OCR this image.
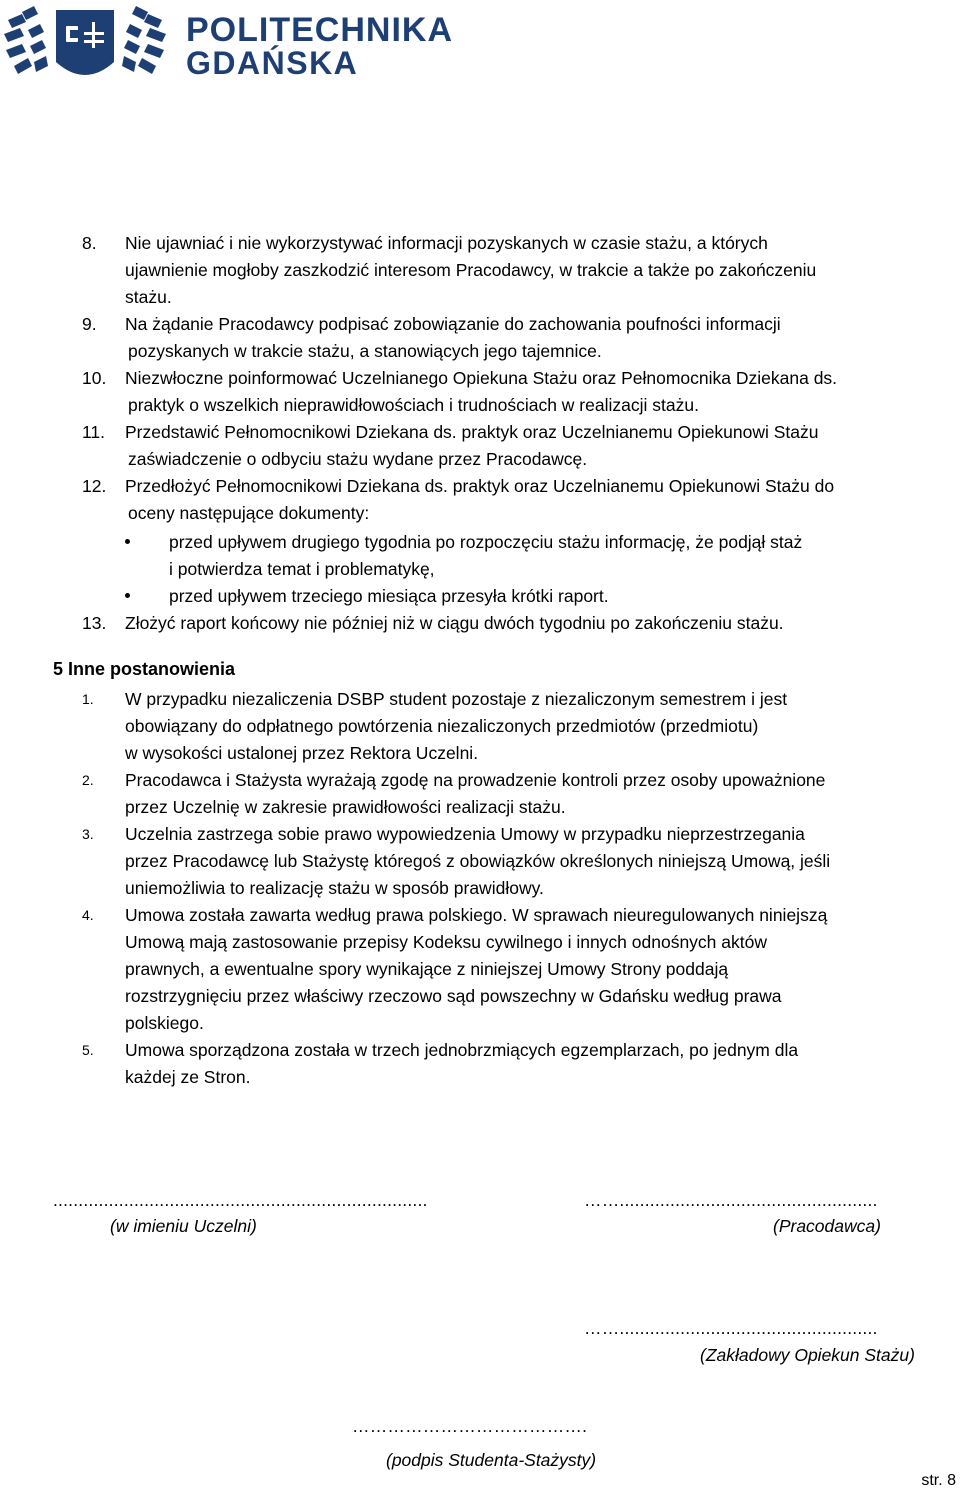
POLITECHNIKA
GDAŃSKA
8. Nie ujawniać i nie wykorzystywać informacji pozyskanych w czasie stażu, a których
ujawnienie mogłoby zaszkodzić interesom Pracodawcy, w trakcie a także po zakończeniu
stażu.
9. Na żądanie Pracodawcy podpisać zobowiązanie do zachowania poufności informacji
pozyskanych w trakcie stażu, a stanowiących jego tajemnice.
10. Niezwłoczne poinformować Uczelnianego Opiekuna Stażu oraz Pełnomocnika Dziekana ds.
praktyk o wszelkich nieprawidłowościach i trudnościach w realizacji stażu.
11. Przedstawić Pełnomocnikowi Dziekana ds. praktyk oraz Uczelnianemu Opiekunowi Stażu
zaświadczenie o odbyciu stażu wydane przez Pracodawcę.
12. Przedłożyć Pełnomocnikowi Dziekana ds. praktyk oraz Uczelnianemu Opiekunowi Stażu do
oceny następujące dokumenty:
przed upływem drugiego tygodnia po rozpoczęciu stażu informację, że podjął staż
i potwierdza temat i problematykę,
przed upływem trzeciego miesiąca przesyła krótki raport.
13. Złożyć raport końcowy nie później niż w ciągu dwóch tygodniu po zakończeniu stażu.
5 Inne postanowienia
1. W przypadku niezaliczenia DSBP student pozostaje z niezaliczonym semestrem i jest
obowiązany do odpłatnego powtórzenia niezaliczonych przedmiotów (przedmiotu)
w wysokości ustalonej przez Rektora Uczelni.
2. Pracodawca i Stażysta wyrażają zgodę na prowadzenie kontroli przez osoby upoważnione
przez Uczelnię w zakresie prawidłowości realizacji stażu.
3. Uczelnia zastrzega sobie prawo wypowiedzenia Umowy w przypadku nieprzestrzegania
przez Pracodawcę lub Stażystę któregoś z obowiązków określonych niniejszą Umową, jeśli
uniemożliwia to realizację stażu w sposób prawidłowy.
4. Umowa została zawarta według prawa polskiego. W sprawach nieuregulowanych niniejszą
Umową mają zastosowanie przepisy Kodeksu cywilnego i innych odnośnych aktów
prawnych, a ewentualne spory wynikające z niniejszej Umowy Strony poddają
rozstrzygnięciu przez właściwy rzeczowo sąd powszechny w Gdańsku według prawa
polskiego.
5. Umowa sporządzona została w trzech jednobrzmiących egzemplarzach, po jednym dla
każdej ze Stron.
..........................................................................
(w imieniu Uczelni)
……...................................................
(Pracodawca)
……...................................................
(Zakładowy Opiekun Stażu)
………………………………….
(podpis Studenta-Stażysty)
str. 8
